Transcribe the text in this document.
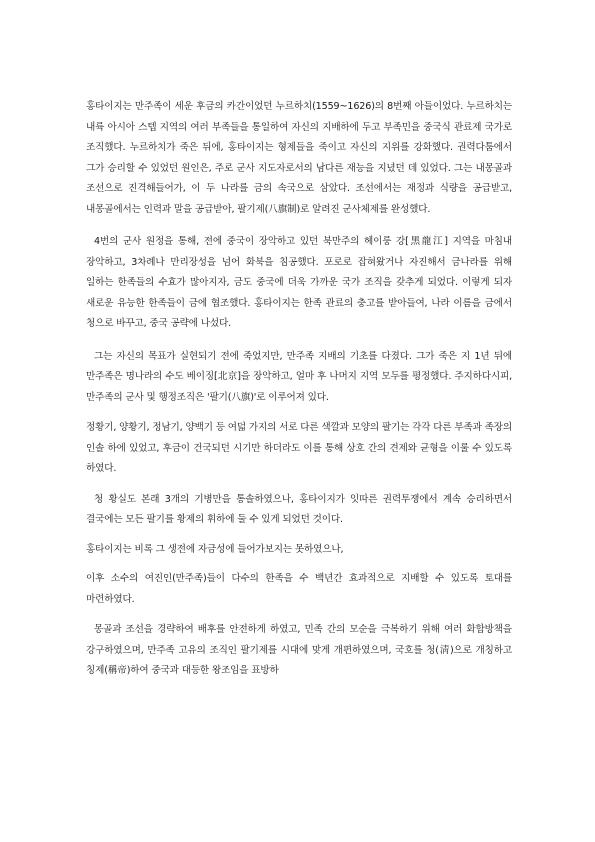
홍타이지는 만주족이 세운 후금의 카간이었던 누르하치(1559~1626)의 8번째 아들이었다. 누르하치는 내륙 아시아 스텝 지역의 여러 부족들을 통일하여 자신의 지배하에 두고 부족민을 중국식 관료제 국가로 조직했다. 누르하치가 죽은 뒤에, 홍타이지는 형제들을 죽이고 자신의 지위를 강화했다. 권력다툼에서 그가 승리할 수 있었던 원인은, 주로 군사 지도자로서의 남다른 재능을 지녔던 데 있었다. 그는 내몽골과 조선으로 진격해들어가, 이 두 나라를 금의 속국으로 삼았다. 조선에서는 재정과 식량을 공급받고, 내몽골에서는 인력과 말을 공급받아, 팔기제(八旗制)로 알려진 군사체제를 완성했다.

4번의 군사 원정을 통해, 전에 중국이 장악하고 있던 북만주의 헤이룽 강[黑龍江] 지역을 마침내 장악하고, 3차례나 만리장성을 넘어 화북을 침공했다. 포로로 잡혀왔거나 자진해서 금나라를 위해 일하는 한족들의 수효가 많아지자, 금도 중국에 더욱 가까운 국가 조직을 갖추게 되었다. 이렇게 되자 새로운 유능한 한족들이 금에 협조했다. 홍타이지는 한족 관료의 충고를 받아들여, 나라 이름을 금에서 청으로 바꾸고, 중국 공략에 나섰다.

그는 자신의 목표가 실현되기 전에 죽었지만, 만주족 지배의 기초를 다졌다. 그가 죽은 지 1년 뒤에 만주족은 명나라의 수도 베이징[北京]을 장악하고, 얼마 후 나머지 지역 모두를 평정했다. 주지하다시피, 만주족의 군사 및 행정조직은 '팔기(八旗)'로 이루어져 있다.

정황기, 양황기, 정남기, 양백기 등 여덟 가지의 서로 다른 색깔과 모양의 팔기는 각각 다른 부족과 족장의 인솔 하에 있었고, 후금이 건국되던 시기만 하더라도 이를 통해 상호 간의 견제와 균형을 이룰 수 있도록 하였다.

청 황실도 본래 3개의 기병만을 통솔하였으나, 홍타이지가 잇따른 권력투쟁에서 계속 승리하면서 결국에는 모든 팔기를 황제의 휘하에 둘 수 있게 되었던 것이다.

홍타이지는 비록 그 생전에 자금성에 들어가보지는 못하였으나,

이후 소수의 여진인(만주족)들이 다수의 한족을 수 백년간 효과적으로 지배할 수 있도록 토대를 마련하였다.

몽골과 조선을 경략하여 배후를 안전하게 하였고, 민족 간의 모순을 극복하기 위해 여러 화합방책을 강구하였으며, 만주족 고유의 조직인 팔기제를 시대에 맞게 개편하였으며, 국호를 청(淸)으로 개칭하고 칭제(稱帝)하여 중국과 대등한 왕조임을 표방하
